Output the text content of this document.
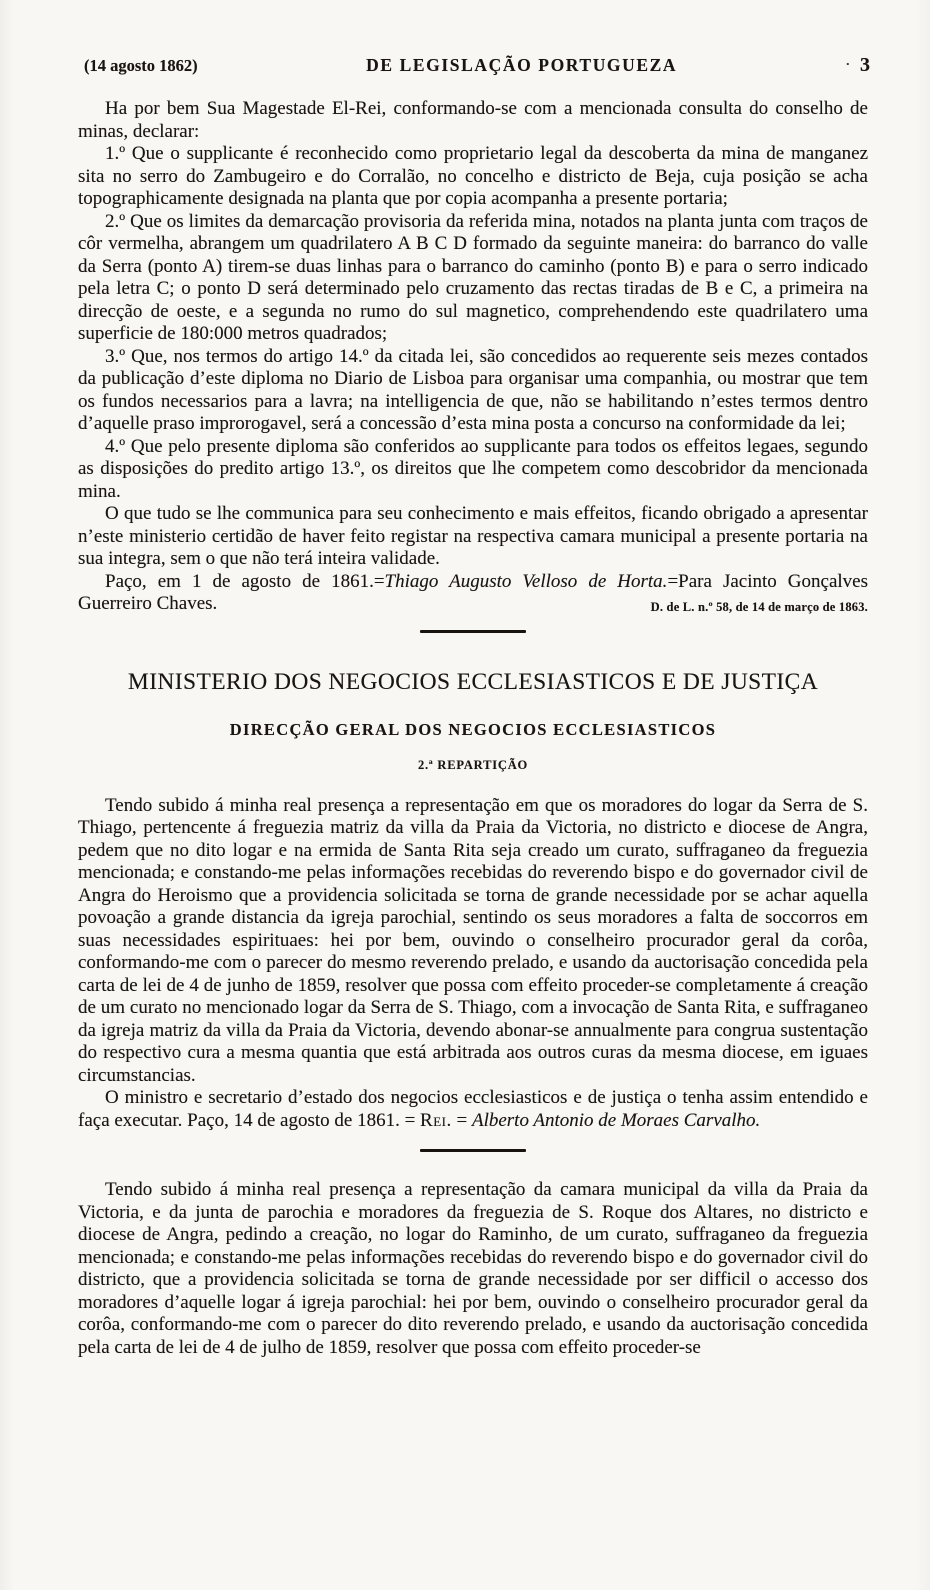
(14 agosto 1862)	DE LEGISLAÇÃO PORTUGUEZA	· 3

Ha por bem Sua Magestade El-Rei, conformando-se com a mencionada consulta do conselho de minas, declarar:

1.º Que o supplicante é reconhecido como proprietario legal da descoberta da mina de manganez sita no serro do Zambugeiro e do Corralão, no concelho e districto de Beja, cuja posição se acha topographicamente designada na planta que por copia acompanha a presente portaria;

2.º Que os limites da demarcação provisoria da referida mina, notados na planta junta com traços de côr vermelha, abrangem um quadrilatero A B C D formado da seguinte maneira: do barranco do valle da Serra (ponto A) tirem-se duas linhas para o barranco do caminho (ponto B) e para o serro indicado pela letra C; o ponto D será determinado pelo cruzamento das rectas tiradas de B e C, a primeira na direcção de oeste, e a segunda no rumo do sul magnetico, comprehendendo este quadrilatero uma superficie de 180:000 metros quadrados;

3.º Que, nos termos do artigo 14.º da citada lei, são concedidos ao requerente seis mezes contados da publicação d’este diploma no Diario de Lisboa para organisar uma companhia, ou mostrar que tem os fundos necessarios para a lavra; na intelligencia de que, não se habilitando n’estes termos dentro d’aquelle praso improrogavel, será a concessão d’esta mina posta a concurso na conformidade da lei;

4.º Que pelo presente diploma são conferidos ao supplicante para todos os effeitos legaes, segundo as disposições do predito artigo 13.º, os direitos que lhe competem como descobridor da mencionada mina.

O que tudo se lhe communica para seu conhecimento e mais effeitos, ficando obrigado a apresentar n’este ministerio certidão de haver feito registar na respectiva camara municipal a presente portaria na sua integra, sem o que não terá inteira validade.

Paço, em 1 de agosto de 1861.=Thiago Augusto Velloso de Horta.=Para Jacinto Gonçalves Guerreiro Chaves.	D. de L. n.º 58, de 14 de março de 1863.

MINISTERIO DOS NEGOCIOS ECCLESIASTICOS E DE JUSTIÇA

DIRECÇÃO GERAL DOS NEGOCIOS ECCLESIASTICOS

2.ª REPARTIÇÃO

Tendo subido á minha real presença a representação em que os moradores do logar da Serra de S. Thiago, pertencente á freguezia matriz da villa da Praia da Victoria, no districto e diocese de Angra, pedem que no dito logar e na ermida de Santa Rita seja creado um curato, suffraganeo da freguezia mencionada; e constando-me pelas informações recebidas do reverendo bispo e do governador civil de Angra do Heroismo que a providencia solicitada se torna de grande necessidade por se achar aquella povoação a grande distancia da igreja parochial, sentindo os seus moradores a falta de soccorros em suas necessidades espirituaes: hei por bem, ouvindo o conselheiro procurador geral da corôa, conformando-me com o parecer do mesmo reverendo prelado, e usando da auctorisação concedida pela carta de lei de 4 de junho de 1859, resolver que possa com effeito proceder-se completamente á creação de um curato no mencionado logar da Serra de S. Thiago, com a invocação de Santa Rita, e suffraganeo da igreja matriz da villa da Praia da Victoria, devendo abonar-se annualmente para congrua sustentação do respectivo cura a mesma quantia que está arbitrada aos outros curas da mesma diocese, em iguaes circumstancias.

O ministro e secretario d’estado dos negocios ecclesiasticos e de justiça o tenha assim entendido e faça executar. Paço, 14 de agosto de 1861. = Rei. = Alberto Antonio de Moraes Carvalho.

Tendo subido á minha real presença a representação da camara municipal da villa da Praia da Victoria, e da junta de parochia e moradores da freguezia de S. Roque dos Altares, no districto e diocese de Angra, pedindo a creação, no logar do Raminho, de um curato, suffraganeo da freguezia mencionada; e constando-me pelas informações recebidas do reverendo bispo e do governador civil do districto, que a providencia solicitada se torna de grande necessidade por ser difficil o accesso dos moradores d’aquelle logar á igreja parochial: hei por bem, ouvindo o conselheiro procurador geral da corôa, conformando-me com o parecer do dito reverendo prelado, e usando da auctorisação concedida pela carta de lei de 4 de julho de 1859, resolver que possa com effeito proceder-se
